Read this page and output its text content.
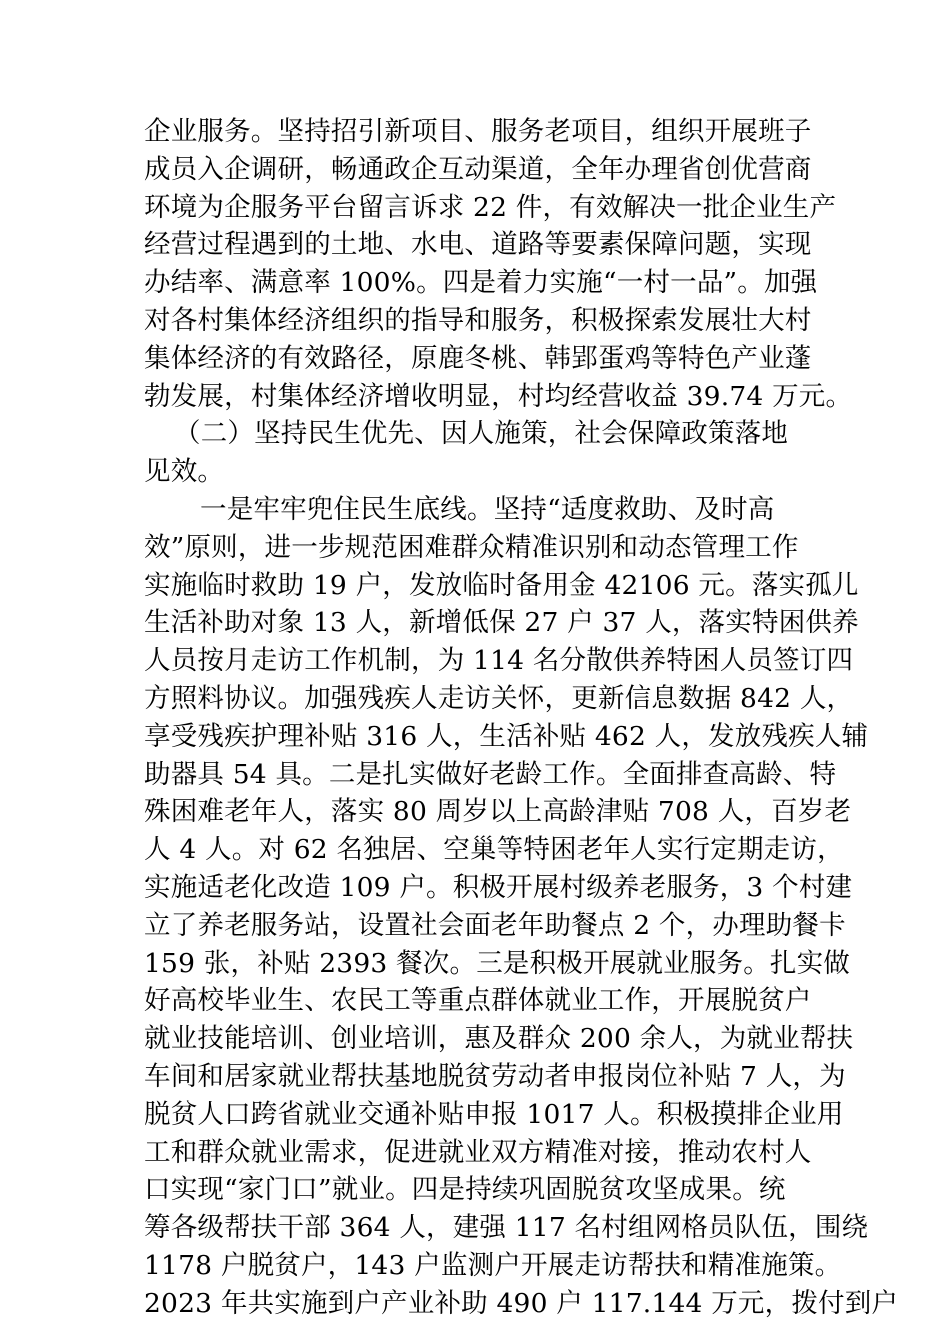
企业服务。坚持招引新项目、服务老项目，组织开展班子
成员入企调研，畅通政企互动渠道，全年办理省创优营商
环境为企服务平台留言诉求 22 件，有效解决一批企业生产
经营过程遇到的土地、水电、道路等要素保障问题，实现
办结率、满意率 100%。四是着力实施“一村一品”。加强
对各村集体经济组织的指导和服务，积极探索发展壮大村
集体经济的有效路径，原鹿冬桃、韩郢蛋鸡等特色产业蓬
勃发展，村集体经济增收明显，村均经营收益 39.74 万元。
（二）坚持民生优先、因人施策，社会保障政策落地
见效。
一是牢牢兜住民生底线。坚持“适度救助、及时高
效”原则，进一步规范困难群众精准识别和动态管理工作
实施临时救助 19 户，发放临时备用金 42106 元。落实孤儿
生活补助对象 13 人，新增低保 27 户 37 人，落实特困供养
人员按月走访工作机制，为 114 名分散供养特困人员签订四
方照料协议。加强残疾人走访关怀，更新信息数据 842 人，
享受残疾护理补贴 316 人，生活补贴 462 人，发放残疾人辅
助器具 54 具。二是扎实做好老龄工作。全面排查高龄、特
殊困难老年人，落实 80 周岁以上高龄津贴 708 人，百岁老
人 4 人。对 62 名独居、空巢等特困老年人实行定期走访，
实施适老化改造 109 户。积极开展村级养老服务，3 个村建
立了养老服务站，设置社会面老年助餐点 2 个，办理助餐卡
159 张，补贴 2393 餐次。三是积极开展就业服务。扎实做
好高校毕业生、农民工等重点群体就业工作，开展脱贫户
就业技能培训、创业培训，惠及群众 200 余人，为就业帮扶
车间和居家就业帮扶基地脱贫劳动者申报岗位补贴 7 人，为
脱贫人口跨省就业交通补贴申报 1017 人。积极摸排企业用
工和群众就业需求，促进就业双方精准对接，推动农村人
口实现“家门口”就业。四是持续巩固脱贫攻坚成果。统
筹各级帮扶干部 364 人，建强 117 名村组网格员队伍，围绕
1178 户脱贫户，143 户监测户开展走访帮扶和精准施策。
2023 年共实施到户产业补助 490 户 117.144 万元，拨付到户
